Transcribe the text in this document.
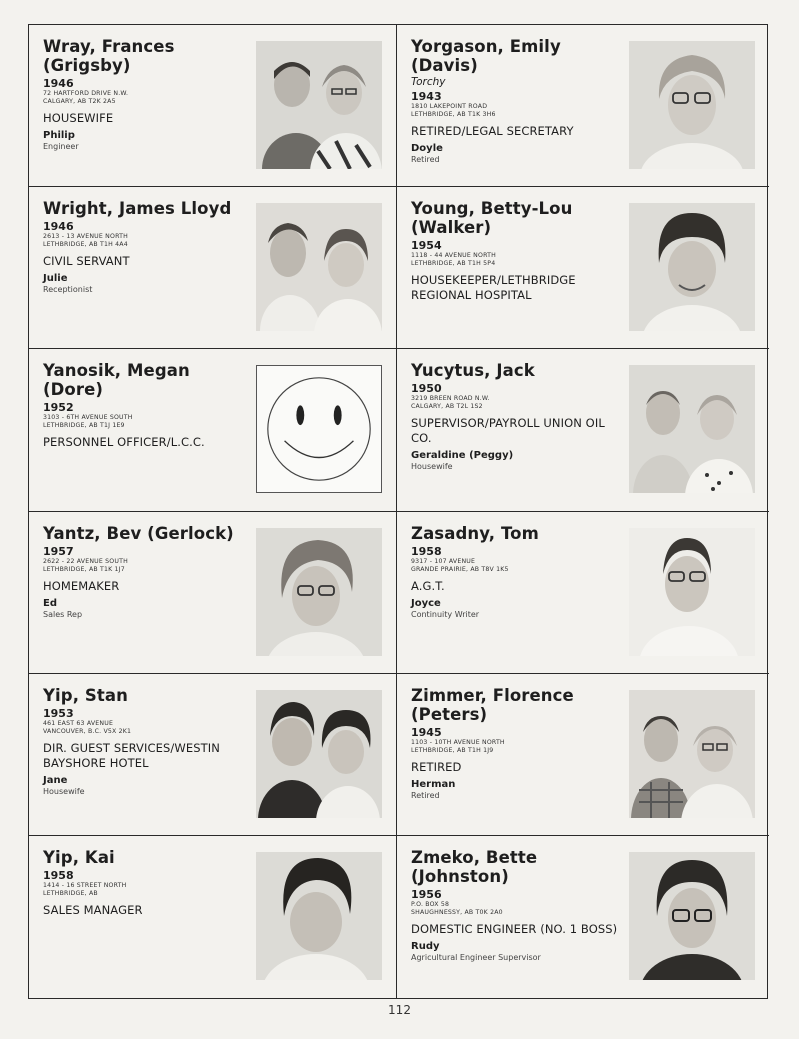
Wray, Frances (Grigsby)
1946
72 HARTFORD DRIVE N.W.
CALGARY, AB T2K 2A5
HOUSEWIFE
Philip
Engineer
Yorgason, Emily (Davis)
Torchy
1943
1810 LAKEPOINT ROAD
LETHBRIDGE, AB T1K 3H6
RETIRED/LEGAL SECRETARY
Doyle
Retired
Wright, James Lloyd
1946
2613 - 13 AVENUE NORTH
LETHBRIDGE, AB T1H 4A4
CIVIL SERVANT
Julie
Receptionist
Young, Betty-Lou (Walker)
1954
1118 - 44 AVENUE NORTH
LETHBRIDGE, AB T1H 5P4
HOUSEKEEPER/LETHBRIDGE REGIONAL HOSPITAL
Yanosik, Megan (Dore)
1952
3103 - 6TH AVENUE SOUTH
LETHBRIDGE, AB T1J 1E9
PERSONNEL OFFICER/L.C.C.
Yucytus, Jack
1950
3219 BREEN ROAD N.W.
CALGARY, AB T2L 1S2
SUPERVISOR/PAYROLL UNION OIL CO.
Geraldine (Peggy)
Housewife
Yantz, Bev (Gerlock)
1957
2622 - 22 AVENUE SOUTH
LETHBRIDGE, AB T1K 1J7
HOMEMAKER
Ed
Sales Rep
Zasadny, Tom
1958
9317 - 107 AVENUE
GRANDE PRAIRIE, AB T8V 1K5
A.G.T.
Joyce
Continuity Writer
Yip, Stan
1953
461 EAST 63 AVENUE
VANCOUVER, B.C. V5X 2K1
DIR. GUEST SERVICES/WESTIN BAYSHORE HOTEL
Jane
Housewife
Zimmer, Florence (Peters)
1945
1103 - 10TH AVENUE NORTH
LETHBRIDGE, AB T1H 1J9
RETIRED
Herman
Retired
Yip, Kai
1958
1414 - 16 STREET NORTH
LETHBRIDGE, AB
SALES MANAGER
Zmeko, Bette (Johnston)
1956
P.O. BOX 58
SHAUGHNESSY, AB T0K 2A0
DOMESTIC ENGINEER (NO. 1 BOSS)
Rudy
Agricultural Engineer Supervisor
112
